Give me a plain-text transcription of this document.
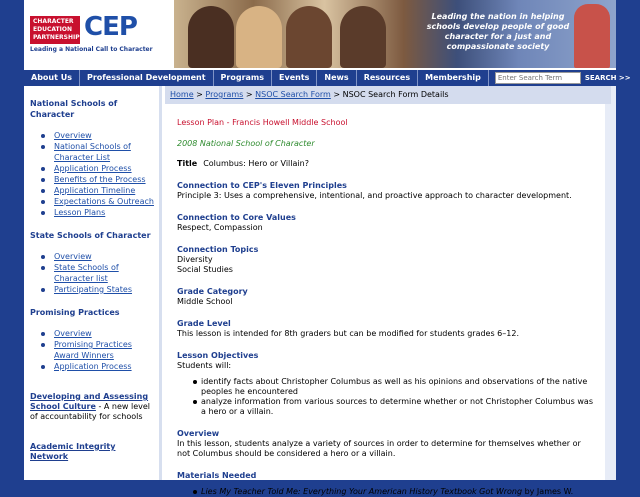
CHARACTER
EDUCATION
PARTNERSHIP CEP
Leading a National Call to Character
Leading the nation in helping schools develop people of good character for a just and compassionate society
About Us	Professional Development	Programs	Events	News	Resources	Membership
Enter Search Term	SEARCH >>
National Schools of Character
Overview
National Schools of Character List
Application Process
Benefits of the Process
Application Timeline
Expectations & Outreach
Lesson Plans
State Schools of Character
Overview
State Schools of Character list
Participating States
Promising Practices
Overview
Promising Practices Award Winners
Application Process
Developing and Assessing School Culture - A new level of accountability for schools
Academic Integrity Network
Home > Programs > NSOC Search Form > NSOC Search Form Details
Lesson Plan - Francis Howell Middle School
2008 National School of Character
Title Columbus: Hero or Villain?
Connection to CEP's Eleven Principles
Principle 3: Uses a comprehensive, intentional, and proactive approach to character development.
Connection to Core Values
Respect, Compassion
Connection Topics
Diversity
Social Studies
Grade Category
Middle School
Grade Level
This lesson is intended for 8th graders but can be modified for students grades 6–12.
Lesson Objectives
Students will:
identify facts about Christopher Columbus as well as his opinions and observations of the native peoples he encountered
analyze information from various sources to determine whether or not Christopher Columbus was a hero or a villain.
Overview
In this lesson, students analyze a variety of sources in order to determine for themselves whether or not Columbus should be considered a hero or a villain.
Materials Needed
Lies My Teacher Told Me: Everything Your American History Textbook Got Wrong by James W.
